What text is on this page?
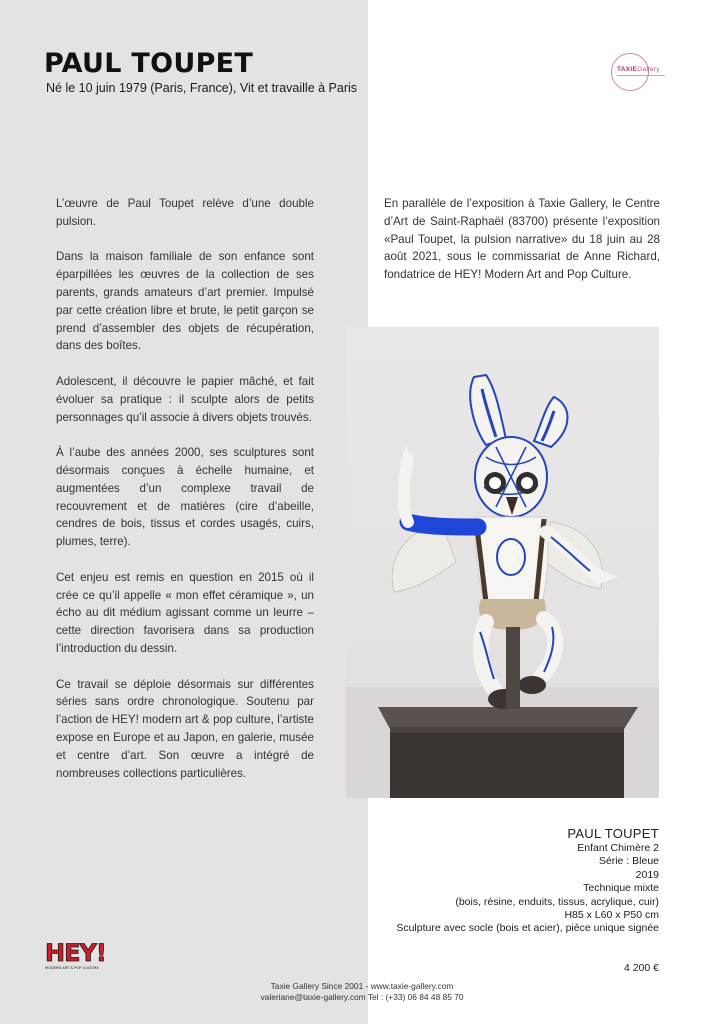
PAUL TOUPET
Né le 10 juin 1979 (Paris, France), Vit et travaille à Paris
TAXIEGallery

L’œuvre de Paul Toupet relève d’une double pulsion.

Dans la maison familiale de son enfance sont éparpillées les œuvres de la collection de ses parents, grands amateurs d’art premier. Impulsé par cette création libre et brute, le petit garçon se prend d’assembler des objets de récupération, dans des boîtes.

Adolescent, il découvre le papier mâché, et fait évoluer sa pratique : il sculpte alors de petits personnages qu’il associe à divers objets trouvés.

À l’aube des années 2000, ses sculptures sont désormais conçues à échelle humaine, et augmentées d’un complexe travail de recouvrement et de matières (cire d’abeille, cendres de bois, tissus et cordes usagés, cuirs, plumes, terre).

Cet enjeu est remis en question en 2015 où il crée ce qu’il appelle « mon effet céramique », un écho au dit médium agissant comme un leurre – cette direction favorisera dans sa production l’introduction du dessin.

Ce travail se déploie désormais sur différentes séries sans ordre chronologique. Soutenu par l’action de HEY! modern art & pop culture, l’artiste expose en Europe et au Japon, en galerie, musée et centre d’art. Son œuvre a intégré de nombreuses collections particulières.

En parallèle de l’exposition à Taxie Gallery, le Centre d’Art de Saint-Raphaël (83700) présente l’exposition «Paul Toupet, la pulsion narrative» du 18 juin au 28 août 2021, sous le commissariat de Anne Richard, fondatrice de HEY! Modern Art and Pop Culture.

PAUL TOUPET
Enfant Chimère 2
Série : Bleue
2019
Technique mixte
(bois, résine, enduits, tissus, acrylique, cuir)
H85 x L60 x P50 cm
Sculpture avec socle (bois et acier), pièce unique signée
4 200 €
HEY!
MODERN ART & POP CULTURE
Taxie Gallery Since 2001 - www.taxie-gallery.com
valeriane@taxie-gallery.com Tel : (+33) 06 84 48 85 70
